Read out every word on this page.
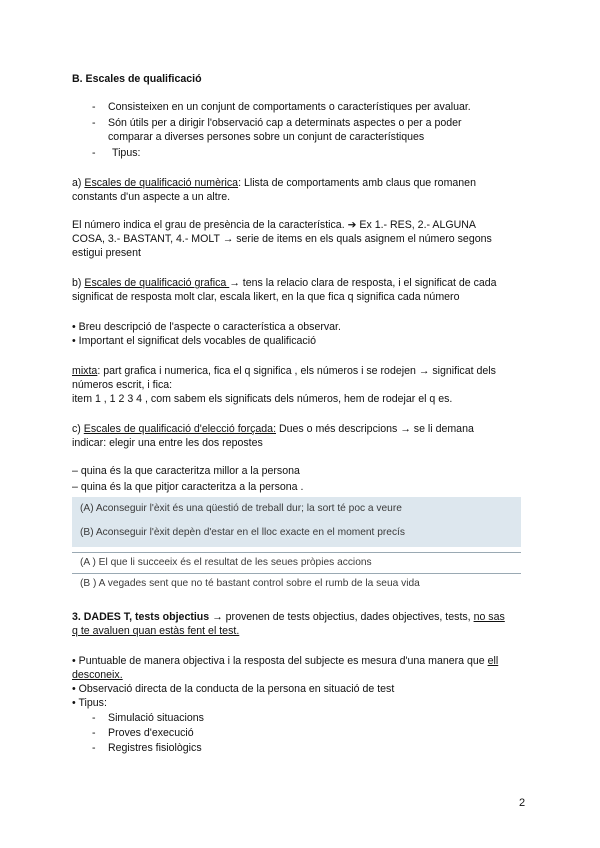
B. Escales de qualificació
- Consisteixen en un conjunt de comportaments o característiques per avaluar.
- Són útils per a dirigir l'observació cap a determinats aspectes o per a poder
comparar a diverses persones sobre un conjunt de característiques
- Tipus:
a) Escales de qualificació numèrica: Llista de comportaments amb claus que romanen
constants d'un aspecte a un altre.
El número indica el grau de presència de la característica. ➔ Ex 1.- RES, 2.- ALGUNA
COSA, 3.- BASTANT, 4.- MOLT → serie de items en els quals asignem el número segons
estigui present
b) Escales de qualificació grafica → tens la relacio clara de resposta, i el significat de cada
significat de resposta molt clar, escala likert, en la que fica q significa cada número
• Breu descripció de l'aspecte o característica a observar.
• Important el significat dels vocables de qualificació
mixta: part grafica i numerica, fica el q significa , els números i se rodejen → significat dels
números escrit, i fica:
item 1 , 1 2 3 4 , com sabem els significats dels números, hem de rodejar el q es.
c) Escales de qualificació d'elecció forçada: Dues o més descripcions → se li demana
indicar: elegir una entre les dos repostes
– quina és la que caracteritza millor a la persona
– quina és la que pitjor caracteritza a la persona .
(A) Aconseguir l'èxit és una qüestió de treball dur; la sort té poc a veure
(B) Aconseguir l'èxit depèn d'estar en el lloc exacte en el moment precís
(A ) El que li succeeix és el resultat de les seues pròpies accions
(B ) A vegades sent que no té bastant control sobre el rumb de la seua vida
3. DADES T, tests objectius → provenen de tests objectius, dades objectives, tests, no sas
q te avaluen quan estàs fent el test.
• Puntuable de manera objectiva i la resposta del subjecte es mesura d'una manera que ell
desconeix.
• Observació directa de la conducta de la persona en situació de test
• Tipus:
- Simulació situacions
- Proves d'execució
- Registres fisiològics
2
